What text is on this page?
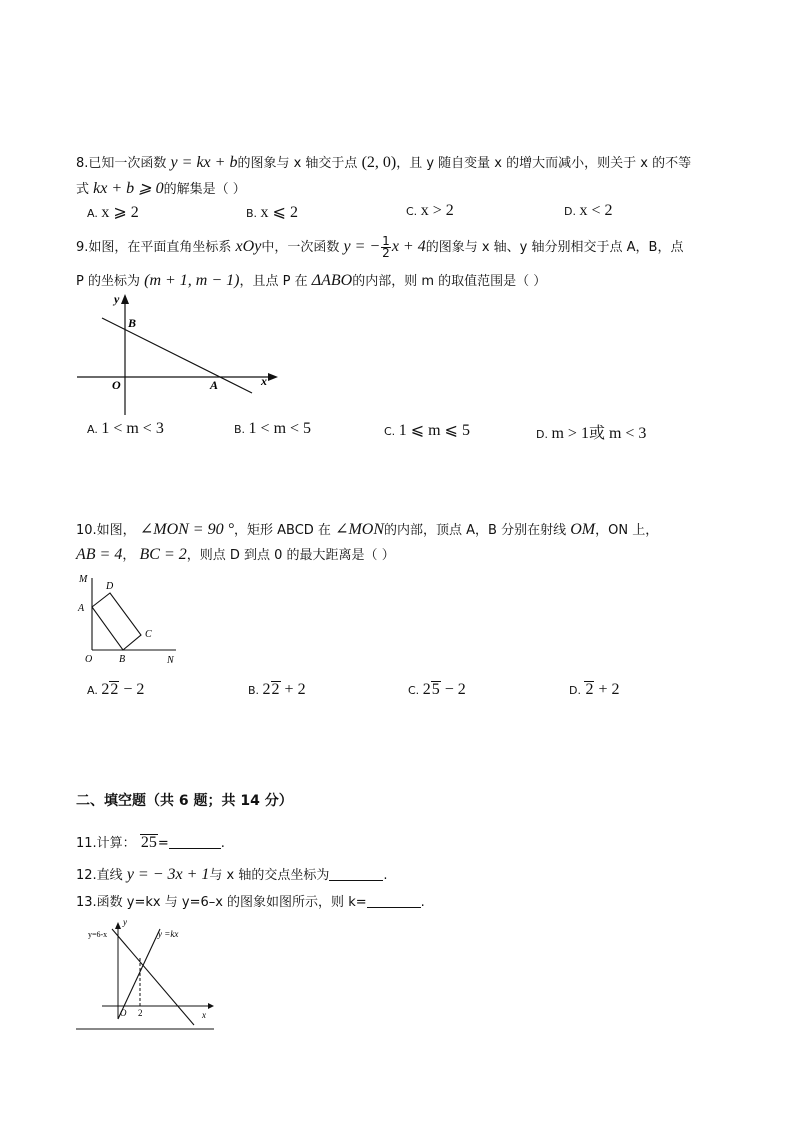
8.已知一次函数 y = kx + b的图象与 x 轴交于点 (2, 0)，且 y 随自变量 x 的增大而减小，则关于 x 的不等
式 kx + b ⩾ 0的解集是（ ）
A. x ⩾ 2	B. x ⩽ 2	C. x > 2	D. x < 2
9.如图，在平面直角坐标系 xOy中，一次函数 y = − $\frac{1}{2}$ x + 4的图象与 x 轴、y 轴分别相交于点 A，B，点
P 的坐标为 (m + 1, m − 1)，且点 P 在 ΔABO的内部，则 m 的取值范围是（ ）
y
B
O	A	x
A. 1 < m < 3	B. 1 < m < 5	C. 1 ⩽ m ⩽ 5	D. m > 1或 m < 3
10.如图， ∠MON = 90 °，矩形 ABCD 在 ∠MON的内部，顶点 A，B 分别在射线 OM，ON 上，
AB = 4， BC = 2，则点 D 到点 0 的最大距离是（ ）
M
D
A
C
O	B	N
A. 22 − 2	B. 22 + 2	C. 25 − 2	D. 2 + 2
二、填空题（共 6 题；共 14 分）
11.计算： 25=	.
12.直线 y = − 3x + 1与 x 轴的交点坐标为	.
13.函数 y=kx 与 y=6–x 的图象如图所示，则 k=	.
y=6-x	y =kx
y
O 2	x
